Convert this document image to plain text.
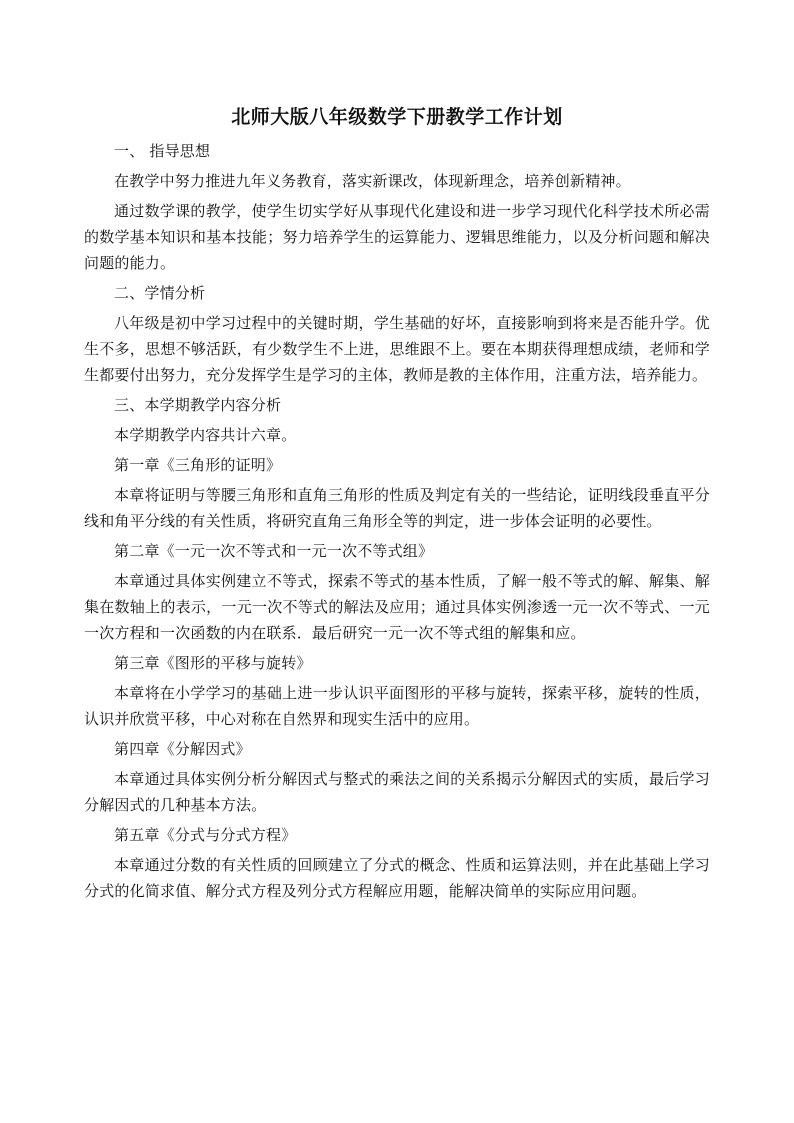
北师大版八年级数学下册教学工作计划
一、 指导思想
在教学中努力推进九年义务教育，落实新课改，体现新理念，培养创新精神。
通过数学课的教学，使学生切实学好从事现代化建设和进一步学习现代化科学技术所必需的数学基本知识和基本技能；努力培养学生的运算能力、逻辑思维能力，以及分析问题和解决问题的能力。
二、学情分析
八年级是初中学习过程中的关键时期，学生基础的好坏，直接影响到将来是否能升学。优生不多，思想不够活跃，有少数学生不上进，思维跟不上。要在本期获得理想成绩，老师和学生都要付出努力，充分发挥学生是学习的主体，教师是教的主体作用，注重方法，培养能力。
三、本学期教学内容分析
本学期教学内容共计六章。
第一章《三角形的证明》
本章将证明与等腰三角形和直角三角形的性质及判定有关的一些结论，证明线段垂直平分线和角平分线的有关性质，将研究直角三角形全等的判定，进一步体会证明的必要性。
第二章《一元一次不等式和一元一次不等式组》
本章通过具体实例建立不等式，探索不等式的基本性质，了解一般不等式的解、解集、解集在数轴上的表示，一元一次不等式的解法及应用；通过具体实例渗透一元一次不等式、一元一次方程和一次函数的内在联系．最后研究一元一次不等式组的解集和应。
第三章《图形的平移与旋转》
本章将在小学学习的基础上进一步认识平面图形的平移与旋转，探索平移，旋转的性质，认识并欣赏平移，中心对称在自然界和现实生活中的应用。
第四章《分解因式》
本章通过具体实例分析分解因式与整式的乘法之间的关系揭示分解因式的实质，最后学习分解因式的几种基本方法。
第五章《分式与分式方程》
本章通过分数的有关性质的回顾建立了分式的概念、性质和运算法则，并在此基础上学习分式的化简求值、解分式方程及列分式方程解应用题，能解决简单的实际应用问题。
